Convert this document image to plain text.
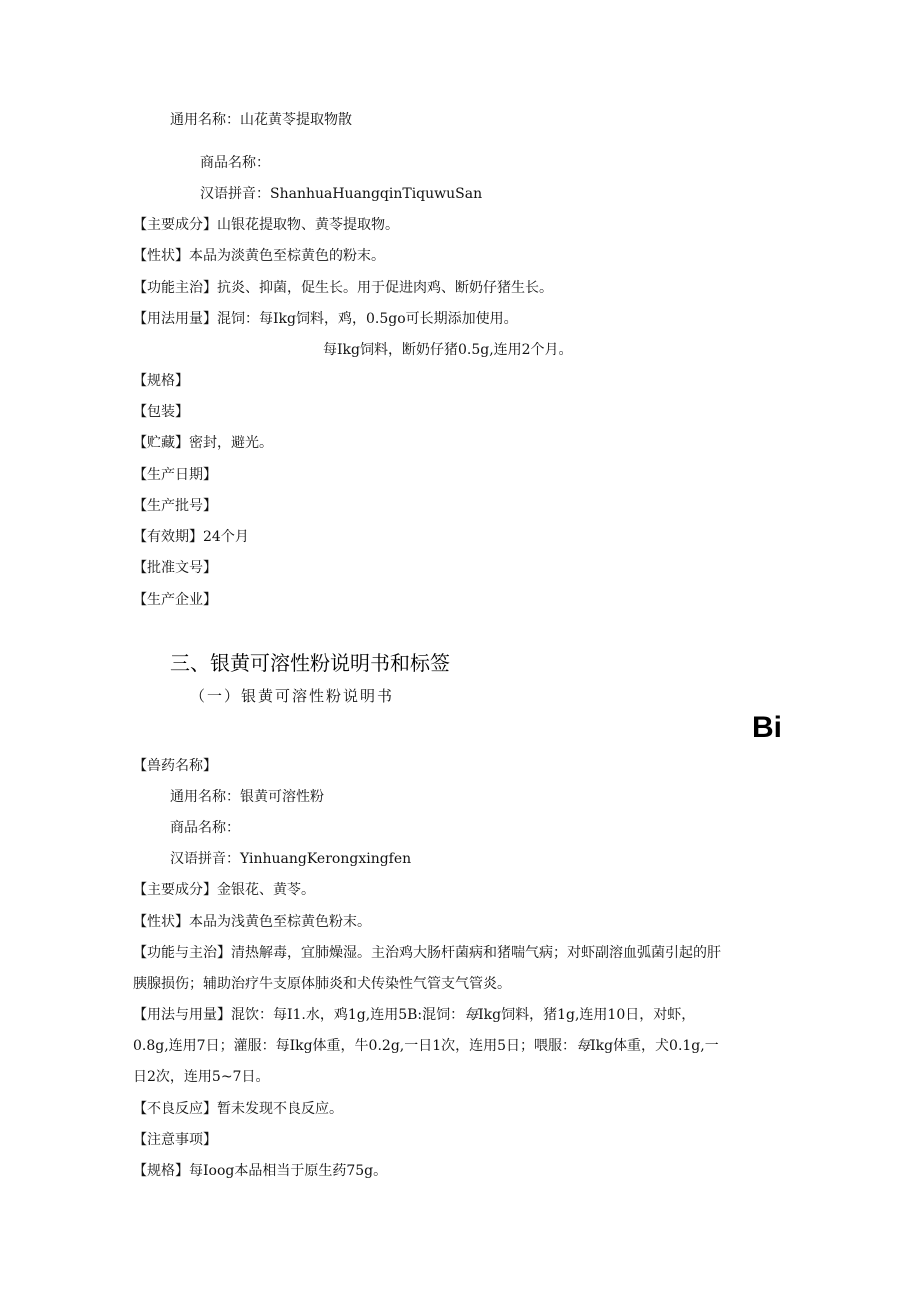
通用名称：山花黄苓提取物散
商品名称：
汉语拼音：ShanhuaHuangqinTiquwuSan
【主要成分】山银花提取物、黄苓提取物。
【性状】本品为淡黄色至棕黄色的粉末。
【功能主治】抗炎、抑菌，促生长。用于促进肉鸡、断奶仔猪生长。
【用法用量】混饲：每Ikg饲料，鸡，0.5go可长期添加使用。
每Ikg饲料，断奶仔猪0.5g,连用2个月。
【规格】
【包装】
【贮藏】密封，避光。
【生产日期】
【生产批号】
【有效期】24个月
【批准文号】
【生产企业】
三、银黄可溶性粉说明书和标签
（一）银黄可溶性粉说明书
Bi
【兽药名称】
通用名称：银黄可溶性粉
商品名称：
汉语拼音：YinhuangKerongxingfen
【主要成分】金银花、黄苓。
【性状】本品为浅黄色至棕黄色粉末。
【功能与主治】清热解毒，宜肺燥湿。主治鸡大肠杆菌病和猪喘气病；对虾副溶血弧菌引起的肝
胰腺损伤；辅助治疗牛支原体肺炎和犬传染性气管支气管炎。
【用法与用量】混饮：每I1.水，鸡1g,连用5B:混饲：每Ikg饲料，猪1g,连用10日，对虾，
0.8g,连用7日；灌服：每Ikg体重，牛0.2g,一日1次，连用5日；喂服：每Ikg体重，犬0.1g,一
日2次，连用5~7日。
【不良反应】暂未发现不良反应。
【注意事项】
【规格】每Ioog本品相当于原生药75g。
